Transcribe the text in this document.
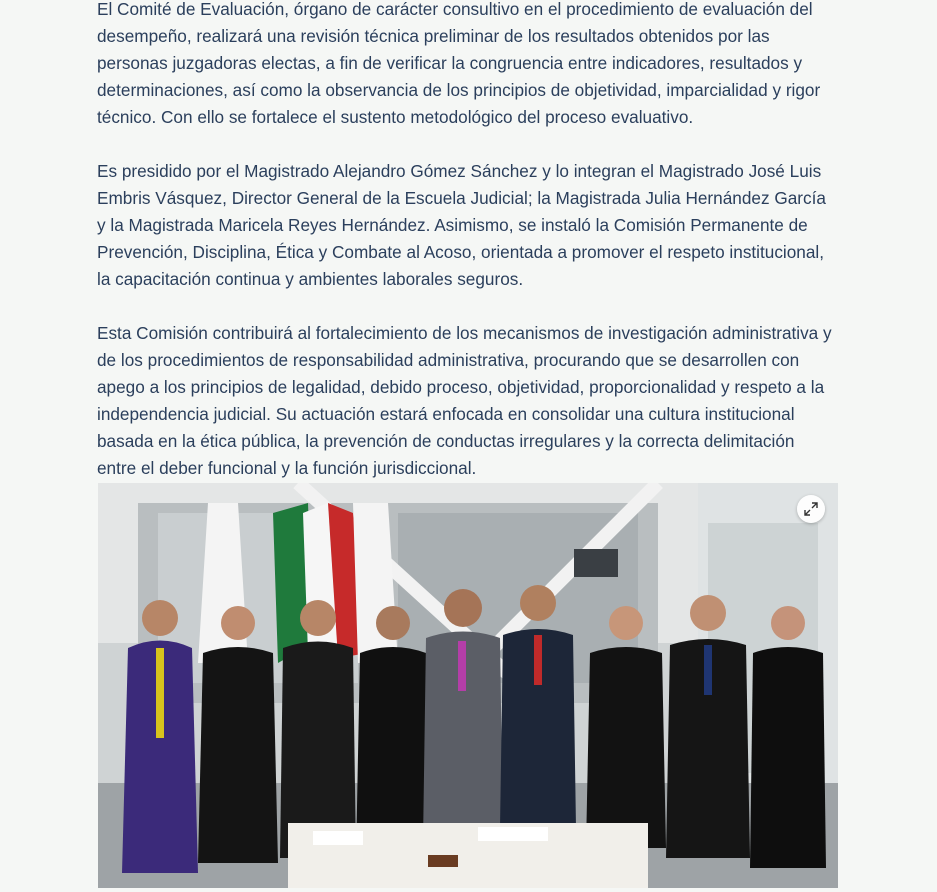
El Comité de Evaluación, órgano de carácter consultivo en el procedimiento de evaluación del desempeño, realizará una revisión técnica preliminar de los resultados obtenidos por las personas juzgadoras electas, a fin de verificar la congruencia entre indicadores, resultados y determinaciones, así como la observancia de los principios de objetividad, imparcialidad y rigor técnico. Con ello se fortalece el sustento metodológico del proceso evaluativo.

Es presidido por el Magistrado Alejandro Gómez Sánchez y lo integran el Magistrado José Luis Embris Vásquez, Director General de la Escuela Judicial; la Magistrada Julia Hernández García y la Magistrada Maricela Reyes Hernández. Asimismo, se instaló la Comisión Permanente de Prevención, Disciplina, Ética y Combate al Acoso, orientada a promover el respeto institucional, la capacitación continua y ambientes laborales seguros.

Esta Comisión contribuirá al fortalecimiento de los mecanismos de investigación administrativa y de los procedimientos de responsabilidad administrativa, procurando que se desarrollen con apego a los principios de legalidad, debido proceso, objetividad, proporcionalidad y respeto a la independencia judicial. Su actuación estará enfocada en consolidar una cultura institucional basada en la ética pública, la prevención de conductas irregulares y la correcta delimitación entre el deber funcional y la función jurisdiccional.
